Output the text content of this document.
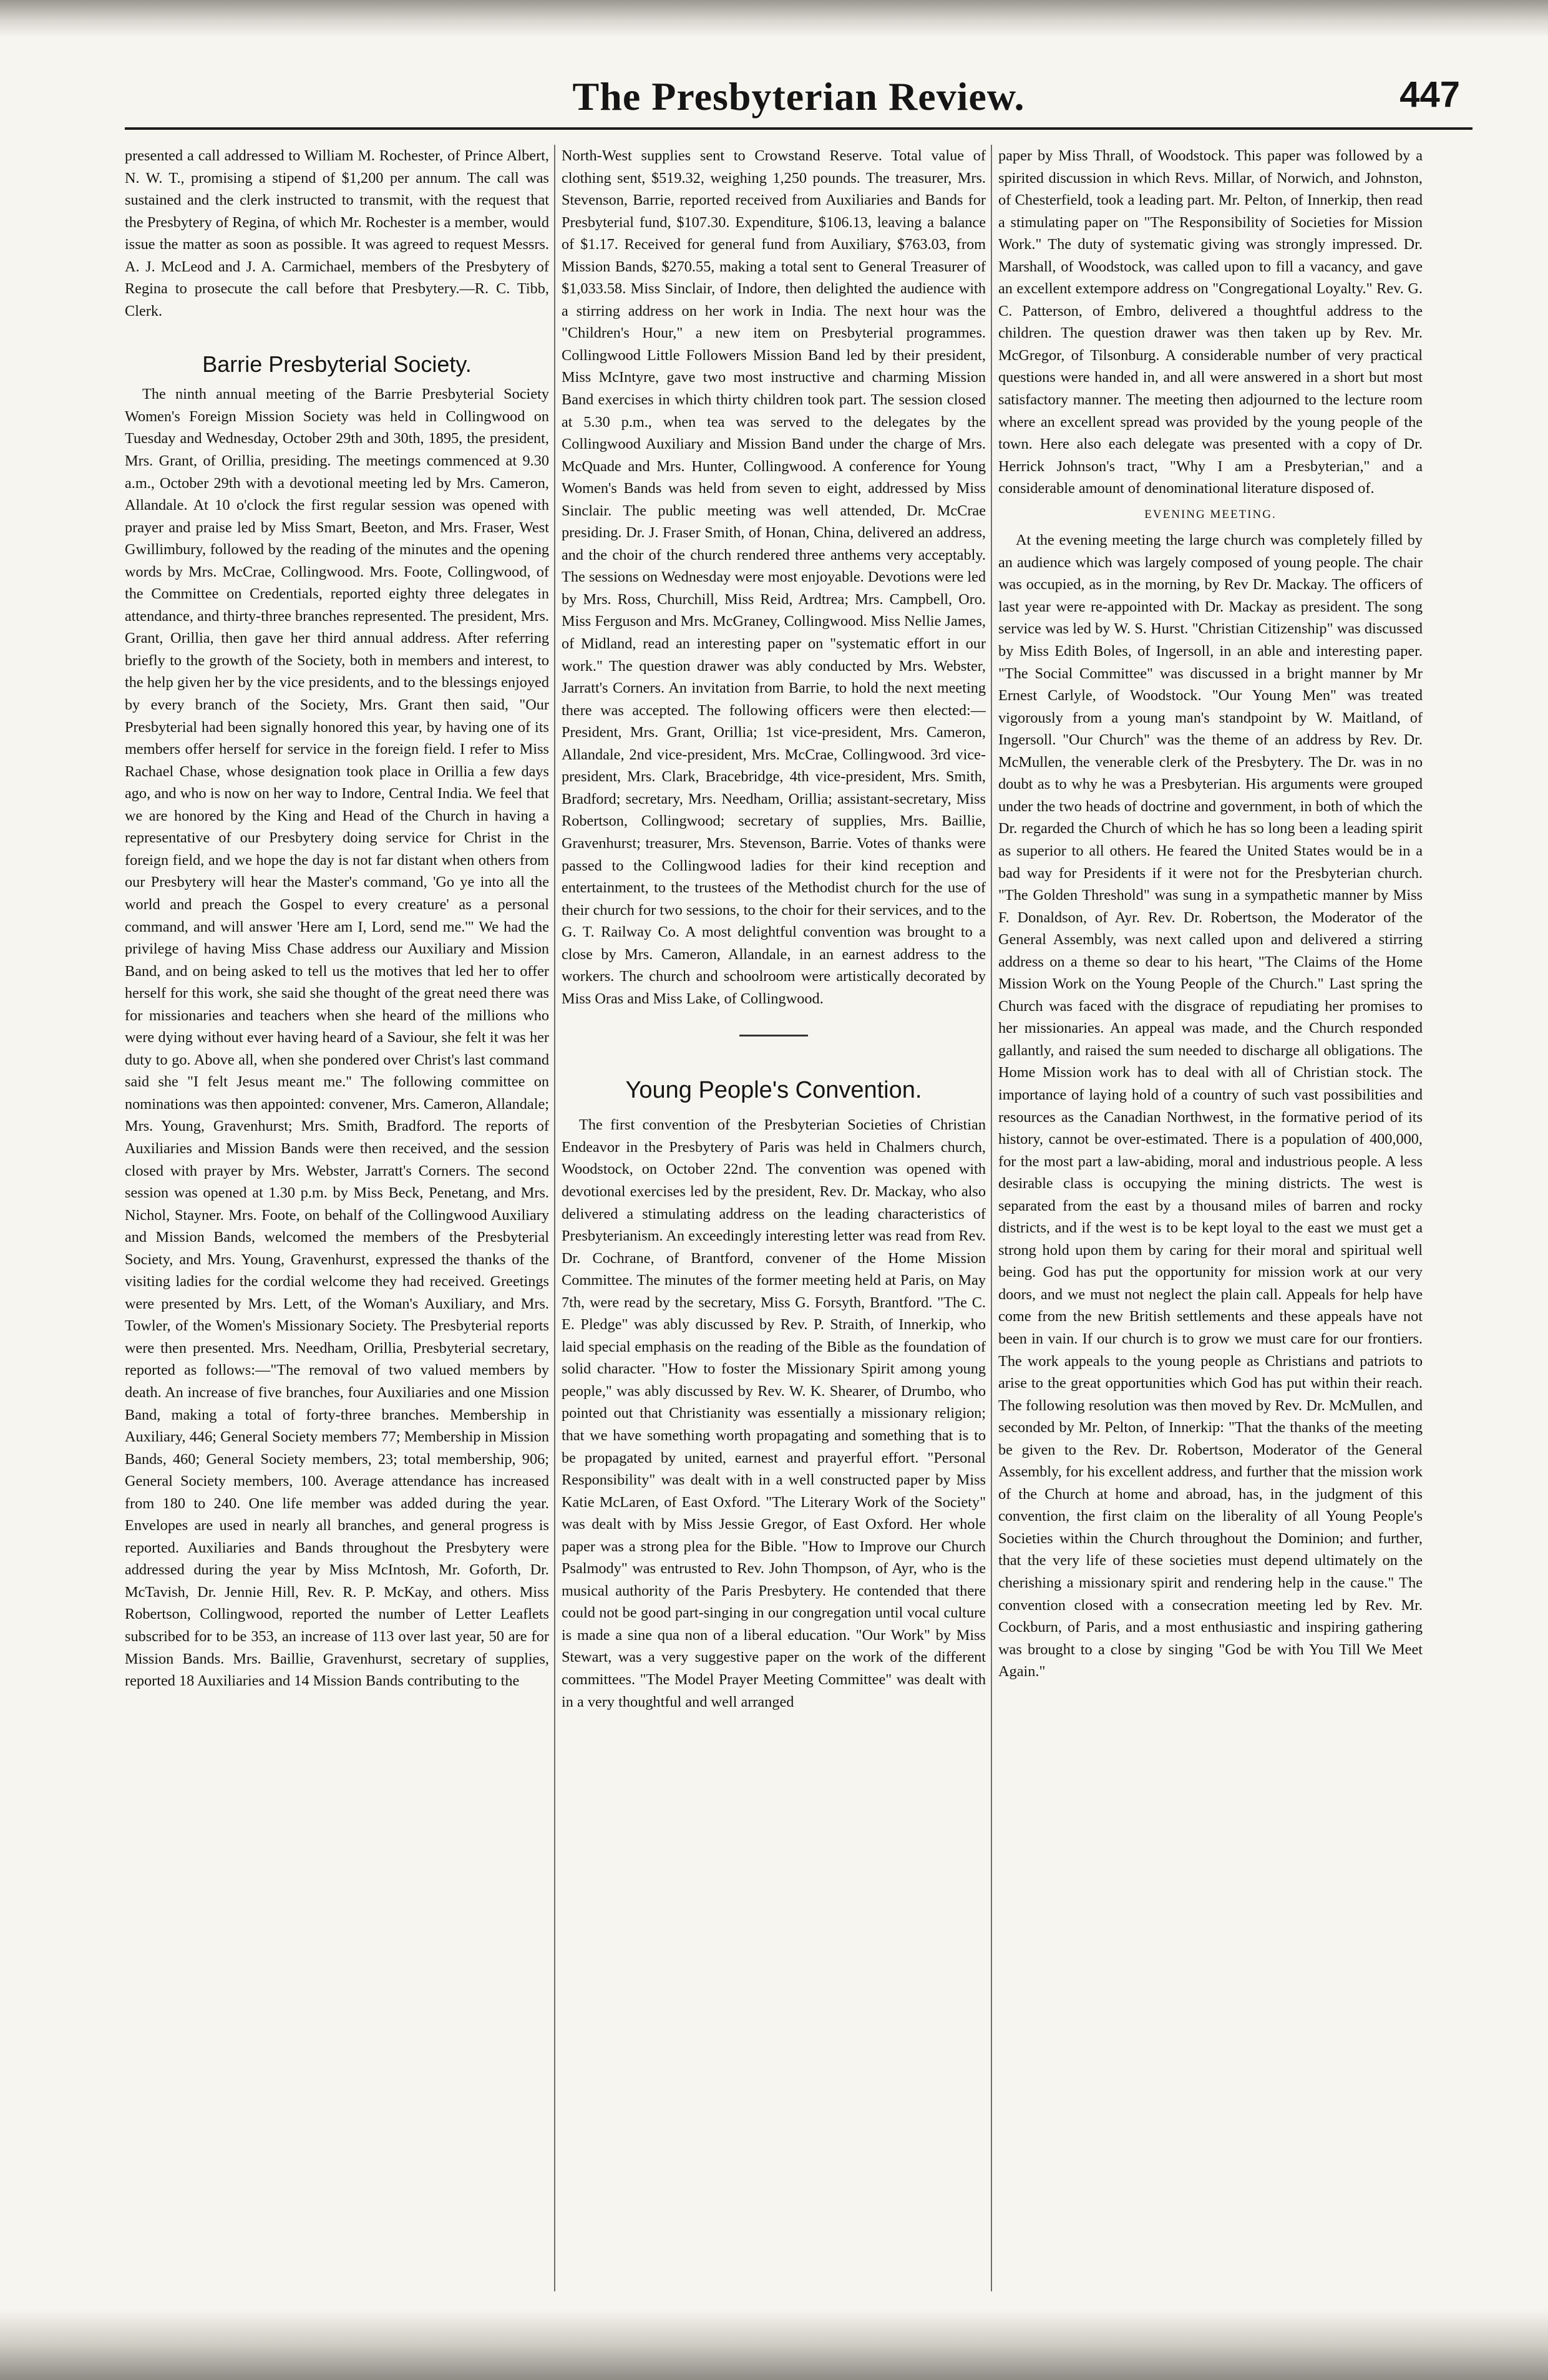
The Presbyterian Review.	447

presented a call addressed to William M. Rochester, of Prince Albert, N. W. T., promising a stipend of $1,200 per annum. The call was sustained and the clerk instructed to transmit, with the request that the Presbytery of Regina, of which Mr. Rochester is a member, would issue the matter as soon as possible. It was agreed to request Messrs. A. J. McLeod and J. A. Carmichael, members of the Presbytery of Regina to prosecute the call before that Presbytery.—R. C. Tibb, Clerk.

Barrie Presbyterial Society.

The ninth annual meeting of the Barrie Presbyterial Society Women's Foreign Mission Society was held in Collingwood on Tuesday and Wednesday, October 29th and 30th, 1895, the president, Mrs. Grant, of Orillia, presiding. The meetings commenced at 9.30 a.m., October 29th with a devotional meeting led by Mrs. Cameron, Allandale. At 10 o'clock the first regular session was opened with prayer and praise led by Miss Smart, Beeton, and Mrs. Fraser, West Gwillimbury, followed by the reading of the minutes and the opening words by Mrs. McCrae, Collingwood. Mrs. Foote, Collingwood, of the Committee on Credentials, reported eighty three delegates in attendance, and thirty-three branches represented. The president, Mrs. Grant, Orillia, then gave her third annual address. After referring briefly to the growth of the Society, both in members and interest, to the help given her by the vice presidents, and to the blessings enjoyed by every branch of the Society, Mrs. Grant then said, "Our Presbyterial had been signally honored this year, by having one of its members offer herself for service in the foreign field. I refer to Miss Rachael Chase, whose designation took place in Orillia a few days ago, and who is now on her way to Indore, Central India. We feel that we are honored by the King and Head of the Church in having a representative of our Presbytery doing service for Christ in the foreign field, and we hope the day is not far distant when others from our Presbytery will hear the Master's command, 'Go ye into all the world and preach the Gospel to every creature' as a personal command, and will answer 'Here am I, Lord, send me.'" We had the privilege of having Miss Chase address our Auxiliary and Mission Band, and on being asked to tell us the motives that led her to offer herself for this work, she said she thought of the great need there was for missionaries and teachers when she heard of the millions who were dying without ever having heard of a Saviour, she felt it was her duty to go. Above all, when she pondered over Christ's last command said she "I felt Jesus meant me." The following committee on nominations was then appointed: convener, Mrs. Cameron, Allandale; Mrs. Young, Gravenhurst; Mrs. Smith, Bradford. The reports of Auxiliaries and Mission Bands were then received, and the session closed with prayer by Mrs. Webster, Jarratt's Corners. The second session was opened at 1.30 p.m. by Miss Beck, Penetang, and Mrs. Nichol, Stayner. Mrs. Foote, on behalf of the Collingwood Auxiliary and Mission Bands, welcomed the members of the Presbyterial Society, and Mrs. Young, Gravenhurst, expressed the thanks of the visiting ladies for the cordial welcome they had received. Greetings were presented by Mrs. Lett, of the Woman's Auxiliary, and Mrs. Towler, of the Women's Missionary Society. The Presbyterial reports were then presented. Mrs. Needham, Orillia, Presbyterial secretary, reported as follows:—"The removal of two valued members by death. An increase of five branches, four Auxiliaries and one Mission Band, making a total of forty-three branches. Membership in Auxiliary, 446; General Society members 77; Membership in Mission Bands, 460; General Society members, 23; total membership, 906; General Society members, 100. Average attendance has increased from 180 to 240. One life member was added during the year. Envelopes are used in nearly all branches, and general progress is reported. Auxiliaries and Bands throughout the Presbytery were addressed during the year by Miss McIntosh, Mr. Goforth, Dr. McTavish, Dr. Jennie Hill, Rev. R. P. McKay, and others. Miss Robertson, Collingwood, reported the number of Letter Leaflets subscribed for to be 353, an increase of 113 over last year, 50 are for Mission Bands. Mrs. Baillie, Gravenhurst, secretary of supplies, reported 18 Auxiliaries and 14 Mission Bands contributing to the

North-West supplies sent to Crowstand Reserve. Total value of clothing sent, $519.32, weighing 1,250 pounds. The treasurer, Mrs. Stevenson, Barrie, reported received from Auxiliaries and Bands for Presbyterial fund, $107.30. Expenditure, $106.13, leaving a balance of $1.17. Received for general fund from Auxiliary, $763.03, from Mission Bands, $270.55, making a total sent to General Treasurer of $1,033.58. Miss Sinclair, of Indore, then delighted the audience with a stirring address on her work in India. The next hour was the "Children's Hour," a new item on Presbyterial programmes. Collingwood Little Followers Mission Band led by their president, Miss McIntyre, gave two most instructive and charming Mission Band exercises in which thirty children took part. The session closed at 5.30 p.m., when tea was served to the delegates by the Collingwood Auxiliary and Mission Band under the charge of Mrs. McQuade and Mrs. Hunter, Collingwood. A conference for Young Women's Bands was held from seven to eight, addressed by Miss Sinclair. The public meeting was well attended, Dr. McCrae presiding. Dr. J. Fraser Smith, of Honan, China, delivered an address, and the choir of the church rendered three anthems very acceptably. The sessions on Wednesday were most enjoyable. Devotions were led by Mrs. Ross, Churchill, Miss Reid, Ardtrea; Mrs. Campbell, Oro. Miss Ferguson and Mrs. McGraney, Collingwood. Miss Nellie James, of Midland, read an interesting paper on "systematic effort in our work." The question drawer was ably conducted by Mrs. Webster, Jarratt's Corners. An invitation from Barrie, to hold the next meeting there was accepted. The following officers were then elected:—President, Mrs. Grant, Orillia; 1st vice-president, Mrs. Cameron, Allandale, 2nd vice-president, Mrs. McCrae, Collingwood. 3rd vice-president, Mrs. Clark, Bracebridge, 4th vice-president, Mrs. Smith, Bradford; secretary, Mrs. Needham, Orillia; assistant-secretary, Miss Robertson, Collingwood; secretary of supplies, Mrs. Baillie, Gravenhurst; treasurer, Mrs. Stevenson, Barrie. Votes of thanks were passed to the Collingwood ladies for their kind reception and entertainment, to the trustees of the Methodist church for the use of their church for two sessions, to the choir for their services, and to the G. T. Railway Co. A most delightful convention was brought to a close by Mrs. Cameron, Allandale, in an earnest address to the workers. The church and schoolroom were artistically decorated by Miss Oras and Miss Lake, of Collingwood.

Young People's Convention.

The first convention of the Presbyterian Societies of Christian Endeavor in the Presbytery of Paris was held in Chalmers church, Woodstock, on October 22nd. The convention was opened with devotional exercises led by the president, Rev. Dr. Mackay, who also delivered a stimulating address on the leading characteristics of Presbyterianism. An exceedingly interesting letter was read from Rev. Dr. Cochrane, of Brantford, convener of the Home Mission Committee. The minutes of the former meeting held at Paris, on May 7th, were read by the secretary, Miss G. Forsyth, Brantford. "The C. E. Pledge" was ably discussed by Rev. P. Straith, of Innerkip, who laid special emphasis on the reading of the Bible as the foundation of solid character. "How to foster the Missionary Spirit among young people," was ably discussed by Rev. W. K. Shearer, of Drumbo, who pointed out that Christianity was essentially a missionary religion; that we have something worth propagating and something that is to be propagated by united, earnest and prayerful effort. "Personal Responsibility" was dealt with in a well constructed paper by Miss Katie McLaren, of East Oxford. "The Literary Work of the Society" was dealt with by Miss Jessie Gregor, of East Oxford. Her whole paper was a strong plea for the Bible. "How to Improve our Church Psalmody" was entrusted to Rev. John Thompson, of Ayr, who is the musical authority of the Paris Presbytery. He contended that there could not be good part-singing in our congregation until vocal culture is made a sine qua non of a liberal education. "Our Work" by Miss Stewart, was a very suggestive paper on the work of the different committees. "The Model Prayer Meeting Committee" was dealt with in a very thoughtful and well arranged

paper by Miss Thrall, of Woodstock. This paper was followed by a spirited discussion in which Revs. Millar, of Norwich, and Johnston, of Chesterfield, took a leading part. Mr. Pelton, of Innerkip, then read a stimulating paper on "The Responsibility of Societies for Mission Work." The duty of systematic giving was strongly impressed. Dr. Marshall, of Woodstock, was called upon to fill a vacancy, and gave an excellent extempore address on "Congregational Loyalty." Rev. G. C. Patterson, of Embro, delivered a thoughtful address to the children. The question drawer was then taken up by Rev. Mr. McGregor, of Tilsonburg. A considerable number of very practical questions were handed in, and all were answered in a short but most satisfactory manner. The meeting then adjourned to the lecture room where an excellent spread was provided by the young people of the town. Here also each delegate was presented with a copy of Dr. Herrick Johnson's tract, "Why I am a Presbyterian," and a considerable amount of denominational literature disposed of.

EVENING MEETING.

At the evening meeting the large church was completely filled by an audience which was largely composed of young people. The chair was occupied, as in the morning, by Rev Dr. Mackay. The officers of last year were re-appointed with Dr. Mackay as president. The song service was led by W. S. Hurst. "Christian Citizenship" was discussed by Miss Edith Boles, of Ingersoll, in an able and interesting paper. "The Social Committee" was discussed in a bright manner by Mr Ernest Carlyle, of Woodstock. "Our Young Men" was treated vigorously from a young man's standpoint by W. Maitland, of Ingersoll. "Our Church" was the theme of an address by Rev. Dr. McMullen, the venerable clerk of the Presbytery. The Dr. was in no doubt as to why he was a Presbyterian. His arguments were grouped under the two heads of doctrine and government, in both of which the Dr. regarded the Church of which he has so long been a leading spirit as superior to all others. He feared the United States would be in a bad way for Presidents if it were not for the Presbyterian church. "The Golden Threshold" was sung in a sympathetic manner by Miss F. Donaldson, of Ayr. Rev. Dr. Robertson, the Moderator of the General Assembly, was next called upon and delivered a stirring address on a theme so dear to his heart, "The Claims of the Home Mission Work on the Young People of the Church." Last spring the Church was faced with the disgrace of repudiating her promises to her missionaries. An appeal was made, and the Church responded gallantly, and raised the sum needed to discharge all obligations. The Home Mission work has to deal with all of Christian stock. The importance of laying hold of a country of such vast possibilities and resources as the Canadian Northwest, in the formative period of its history, cannot be over-estimated. There is a population of 400,000, for the most part a law-abiding, moral and industrious people. A less desirable class is occupying the mining districts. The west is separated from the east by a thousand miles of barren and rocky districts, and if the west is to be kept loyal to the east we must get a strong hold upon them by caring for their moral and spiritual well being. God has put the opportunity for mission work at our very doors, and we must not neglect the plain call. Appeals for help have come from the new British settlements and these appeals have not been in vain. If our church is to grow we must care for our frontiers. The work appeals to the young people as Christians and patriots to arise to the great opportunities which God has put within their reach. The following resolution was then moved by Rev. Dr. McMullen, and seconded by Mr. Pelton, of Innerkip: "That the thanks of the meeting be given to the Rev. Dr. Robertson, Moderator of the General Assembly, for his excellent address, and further that the mission work of the Church at home and abroad, has, in the judgment of this convention, the first claim on the liberality of all Young People's Societies within the Church throughout the Dominion; and further, that the very life of these societies must depend ultimately on the cherishing a missionary spirit and rendering help in the cause." The convention closed with a consecration meeting led by Rev. Mr. Cockburn, of Paris, and a most enthusiastic and inspiring gathering was brought to a close by singing "God be with You Till We Meet Again."
